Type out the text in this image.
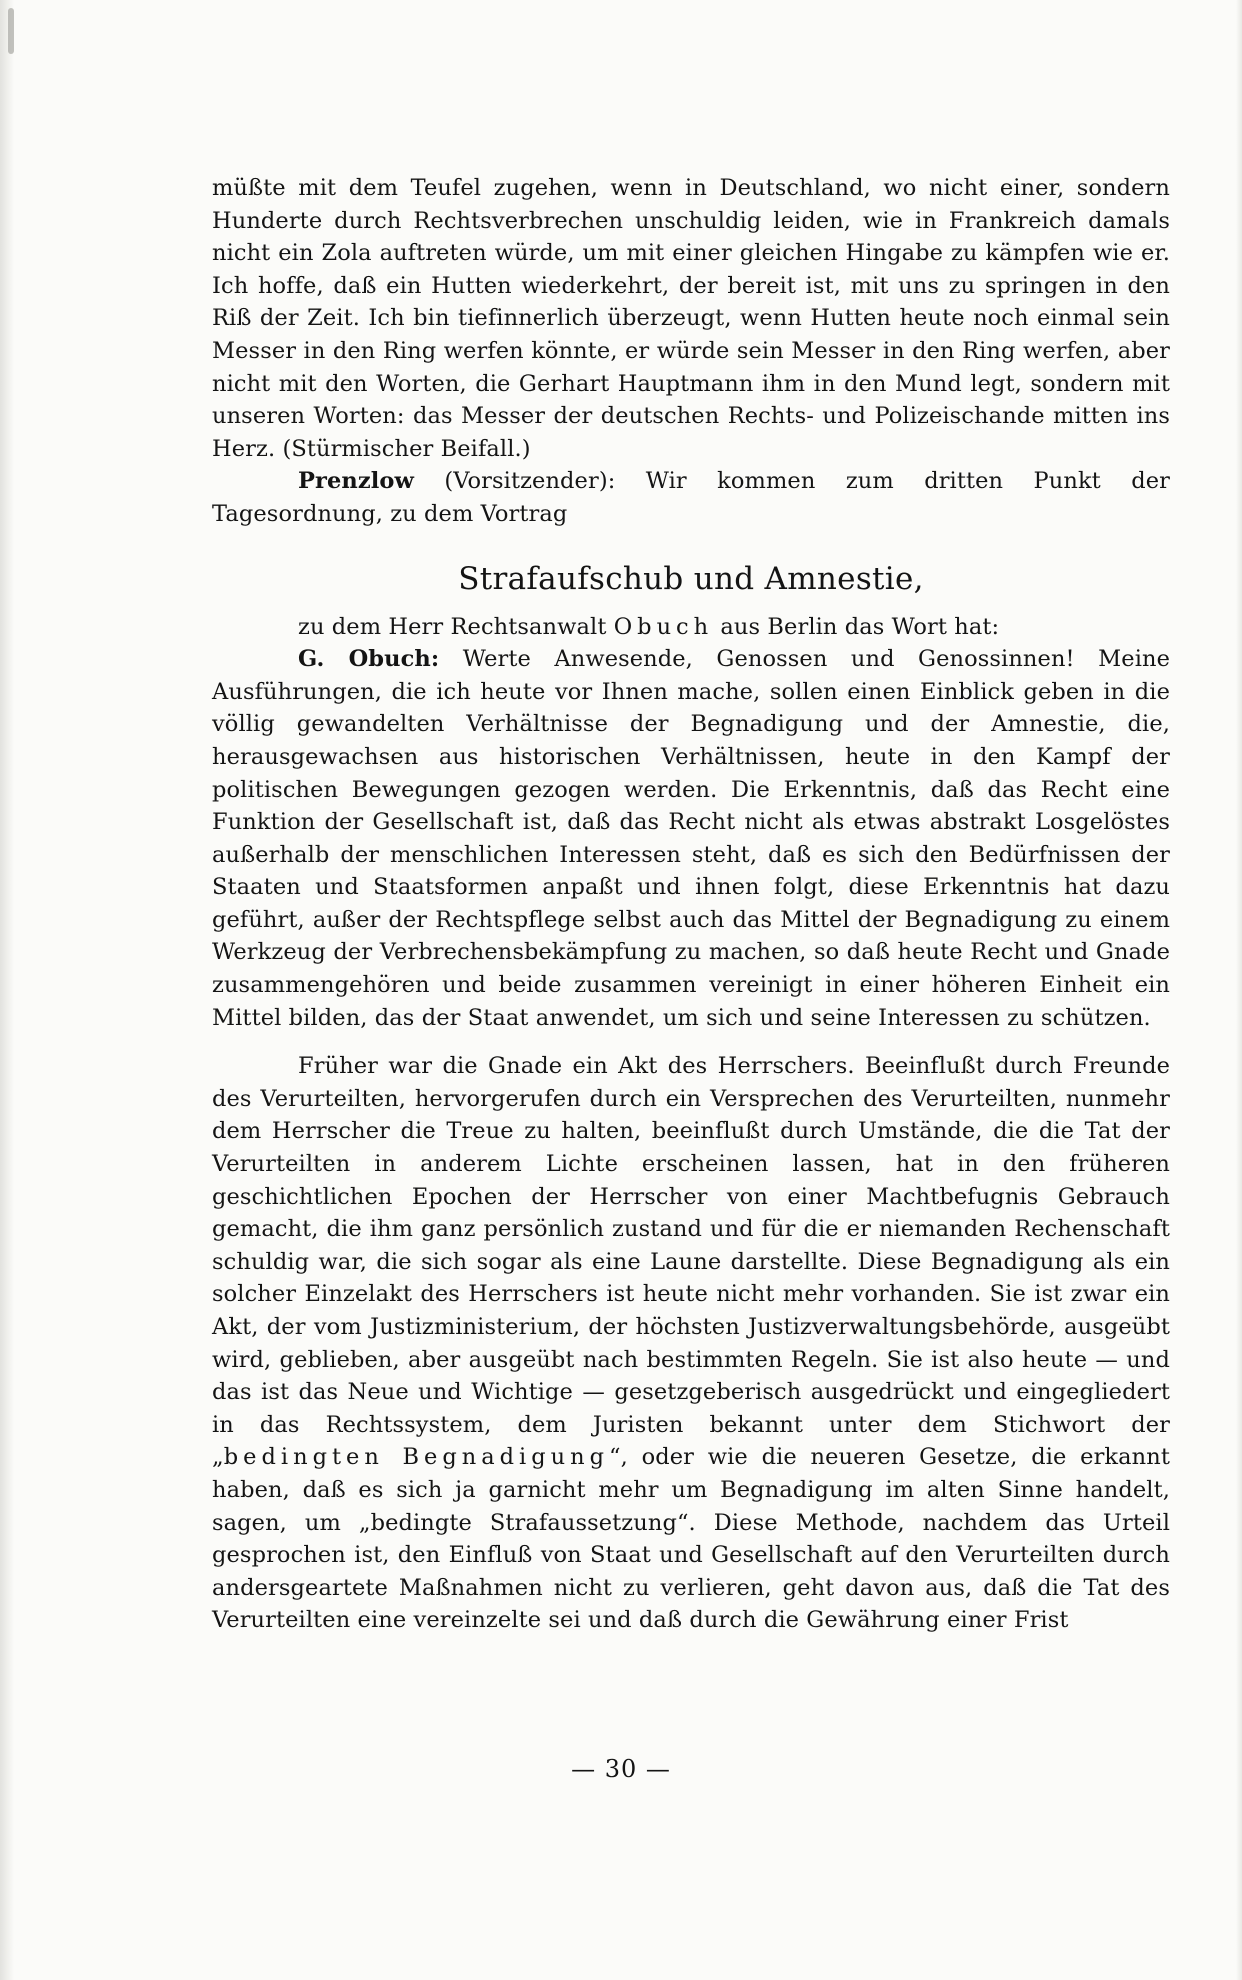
müßte mit dem Teufel zugehen, wenn in Deutschland, wo nicht einer, sondern Hunderte durch Rechtsverbrechen unschuldig leiden, wie in Frankreich damals nicht ein Zola auftreten würde, um mit einer gleichen Hingabe zu kämpfen wie er. Ich hoffe, daß ein Hutten wiederkehrt, der bereit ist, mit uns zu springen in den Riß der Zeit. Ich bin tiefinnerlich überzeugt, wenn Hutten heute noch einmal sein Messer in den Ring werfen könnte, er würde sein Messer in den Ring werfen, aber nicht mit den Worten, die Gerhart Hauptmann ihm in den Mund legt, sondern mit unseren Worten: das Messer der deutschen Rechts- und Polizeischande mitten ins Herz. (Stürmischer Beifall.)

Prenzlow (Vorsitzender): Wir kommen zum dritten Punkt der Tagesordnung, zu dem Vortrag

Strafaufschub und Amnestie,

zu dem Herr Rechtsanwalt Obuch aus Berlin das Wort hat:

G. Obuch: Werte Anwesende, Genossen und Genossinnen! Meine Ausführungen, die ich heute vor Ihnen mache, sollen einen Einblick geben in die völlig gewandelten Verhältnisse der Begnadigung und der Amnestie, die, herausgewachsen aus historischen Verhältnissen, heute in den Kampf der politischen Bewegungen gezogen werden. Die Erkenntnis, daß das Recht eine Funktion der Gesellschaft ist, daß das Recht nicht als etwas abstrakt Losgelöstes außerhalb der menschlichen Interessen steht, daß es sich den Bedürfnissen der Staaten und Staatsformen anpaßt und ihnen folgt, diese Erkenntnis hat dazu geführt, außer der Rechtspflege selbst auch das Mittel der Begnadigung zu einem Werkzeug der Verbrechensbekämpfung zu machen, so daß heute Recht und Gnade zusammengehören und beide zusammen vereinigt in einer höheren Einheit ein Mittel bilden, das der Staat anwendet, um sich und seine Interessen zu schützen.

Früher war die Gnade ein Akt des Herrschers. Beeinflußt durch Freunde des Verurteilten, hervorgerufen durch ein Versprechen des Verurteilten, nunmehr dem Herrscher die Treue zu halten, beeinflußt durch Umstände, die die Tat der Verurteilten in anderem Lichte erscheinen lassen, hat in den früheren geschichtlichen Epochen der Herrscher von einer Machtbefugnis Gebrauch gemacht, die ihm ganz persönlich zustand und für die er niemanden Rechenschaft schuldig war, die sich sogar als eine Laune darstellte. Diese Begnadigung als ein solcher Einzelakt des Herrschers ist heute nicht mehr vorhanden. Sie ist zwar ein Akt, der vom Justizministerium, der höchsten Justizverwaltungsbehörde, ausgeübt wird, geblieben, aber ausgeübt nach bestimmten Regeln. Sie ist also heute — und das ist das Neue und Wichtige — gesetzgeberisch ausgedrückt und eingegliedert in das Rechtssystem, dem Juristen bekannt unter dem Stichwort der „bedingten Begnadigung“, oder wie die neueren Gesetze, die erkannt haben, daß es sich ja garnicht mehr um Begnadigung im alten Sinne handelt, sagen, um „bedingte Strafaussetzung“. Diese Methode, nachdem das Urteil gesprochen ist, den Einfluß von Staat und Gesellschaft auf den Verurteilten durch andersgeartete Maßnahmen nicht zu verlieren, geht davon aus, daß die Tat des Verurteilten eine vereinzelte sei und daß durch die Gewährung einer Frist

— 30 —
